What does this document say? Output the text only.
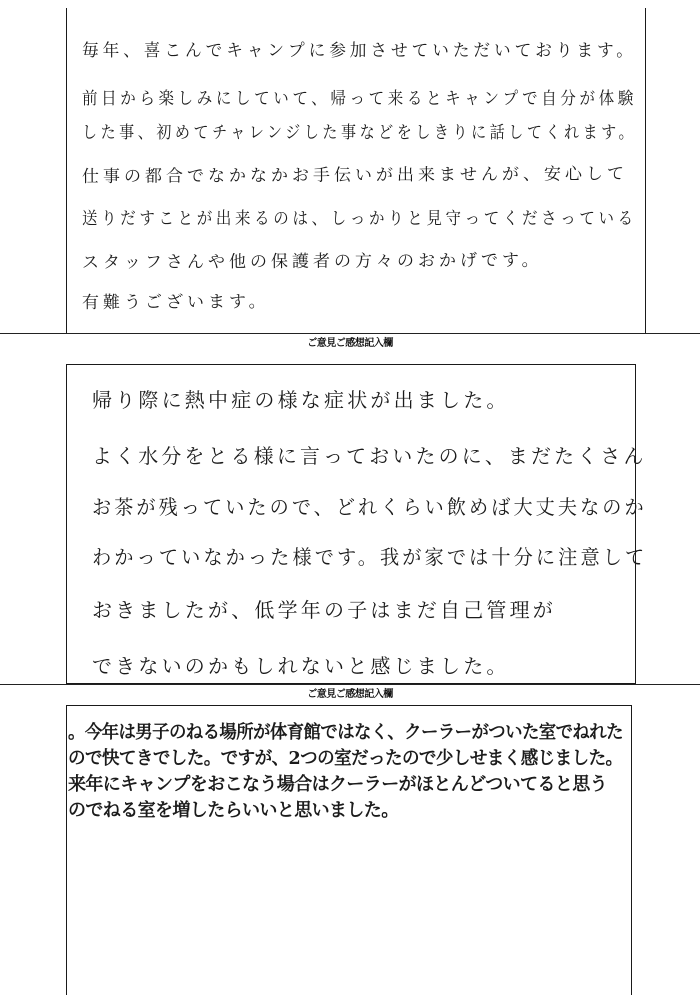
毎年、喜こんでキャンプに参加させていただいております。
前日から楽しみにしていて、帰って来るとキャンプで自分が体験
した事、初めてチャレンジした事などをしきりに話してくれます。
仕事の都合でなかなかお手伝いが出来ませんが、安心して
送りだすことが出来るのは、しっかりと見守ってくださっている
スタッフさんや他の保護者の方々のおかげです。
有難うございます。
ご意見ご感想記入欄
帰り際に熱中症の様な症状が出ました。
よく水分をとる様に言っておいたのに、まだたくさん
お茶が残っていたので、どれくらい飲めば大丈夫なのか
わかっていなかった様です。我が家では十分に注意して
おきましたが、低学年の子はまだ自己管理が
できないのかもしれないと感じました。
ご意見ご感想記入欄
。今年は男子のねる場所が体育館ではなく、クーラーがついた室でねれた
ので快てきでした。ですが、2つの室だったので少しせまく感じました。
来年にキャンプをおこなう場合はクーラーがほとんどついてると思う
のでねる室を増したらいいと思いました。
